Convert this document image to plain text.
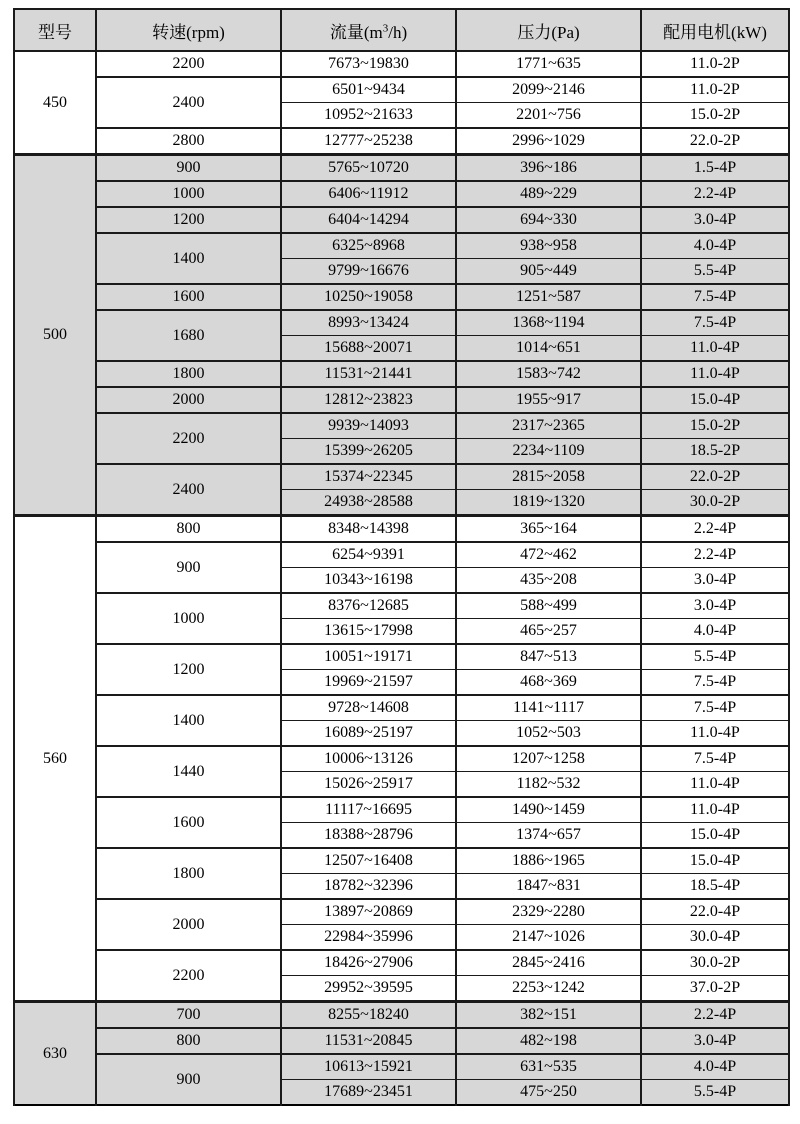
型号	转速(rpm)	流量$(m^3/h)$	压力(Pa)	配用电机(kW)
450	2200	7673~19830	1771~635	11.0-2P
	2400	6501~9434	2099~2146	11.0-2P
		10952~21633	2201~756	15.0-2P
	2800	12777~25238	2996~1029	22.0-2P
500	900	5765~10720	396~186	1.5-4P
	1000	6406~11912	489~229	2.2-4P
	1200	6404~14294	694~330	3.0-4P
	1400	6325~8968	938~958	4.0-4P
		9799~16676	905~449	5.5-4P
	1600	10250~19058	1251~587	7.5-4P
	1680	8993~13424	1368~1194	7.5-4P
		15688~20071	1014~651	11.0-4P
	1800	11531~21441	1583~742	11.0-4P
	2000	12812~23823	1955~917	15.0-4P
	2200	9939~14093	2317~2365	15.0-2P
		15399~26205	2234~1109	18.5-2P
	2400	15374~22345	2815~2058	22.0-2P
		24938~28588	1819~1320	30.0-2P
560	800	8348~14398	365~164	2.2-4P
	900	6254~9391	472~462	2.2-4P
		10343~16198	435~208	3.0-4P
	1000	8376~12685	588~499	3.0-4P
		13615~17998	465~257	4.0-4P
	1200	10051~19171	847~513	5.5-4P
		19969~21597	468~369	7.5-4P
	1400	9728~14608	1141~1117	7.5-4P
		16089~25197	1052~503	11.0-4P
	1440	10006~13126	1207~1258	7.5-4P
		15026~25917	1182~532	11.0-4P
	1600	11117~16695	1490~1459	11.0-4P
		18388~28796	1374~657	15.0-4P
	1800	12507~16408	1886~1965	15.0-4P
		18782~32396	1847~831	18.5-4P
	2000	13897~20869	2329~2280	22.0-4P
		22984~35996	2147~1026	30.0-4P
	2200	18426~27906	2845~2416	30.0-2P
		29952~39595	2253~1242	37.0-2P
630	700	8255~18240	382~151	2.2-4P
	800	11531~20845	482~198	3.0-4P
	900	10613~15921	631~535	4.0-4P
		17689~23451	475~250	5.5-4P
